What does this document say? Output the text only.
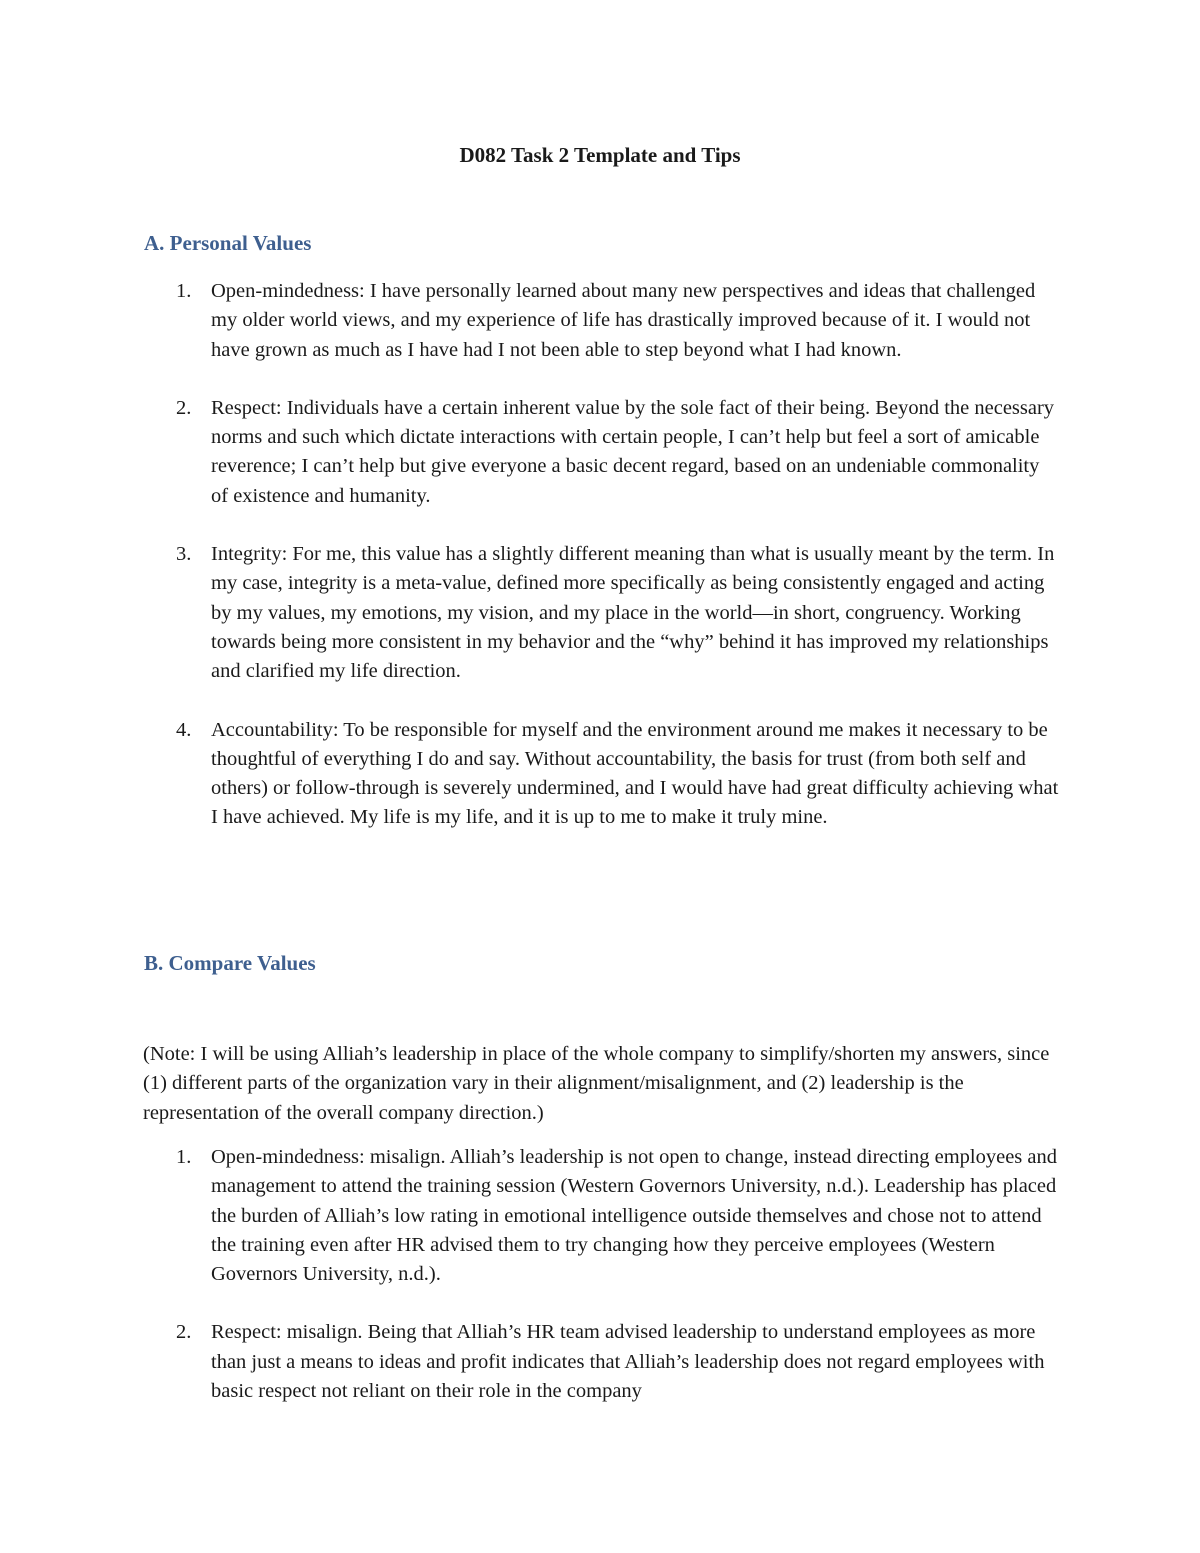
D082 Task 2 Template and Tips
A. Personal Values
1. Open-mindedness: I have personally learned about many new perspectives and ideas that challenged my older world views, and my experience of life has drastically improved because of it. I would not have grown as much as I have had I not been able to step beyond what I had known.
2. Respect: Individuals have a certain inherent value by the sole fact of their being. Beyond the necessary norms and such which dictate interactions with certain people, I can’t help but feel a sort of amicable reverence; I can’t help but give everyone a basic decent regard, based on an undeniable commonality of existence and humanity.
3. Integrity: For me, this value has a slightly different meaning than what is usually meant by the term. In my case, integrity is a meta-value, defined more specifically as being consistently engaged and acting by my values, my emotions, my vision, and my place in the world—in short, congruency. Working towards being more consistent in my behavior and the “why” behind it has improved my relationships and clarified my life direction.
4. Accountability: To be responsible for myself and the environment around me makes it necessary to be thoughtful of everything I do and say. Without accountability, the basis for trust (from both self and others) or follow-through is severely undermined, and I would have had great difficulty achieving what I have achieved. My life is my life, and it is up to me to make it truly mine.
B. Compare Values

(Note: I will be using Alliah’s leadership in place of the whole company to simplify/shorten my answers, since (1) different parts of the organization vary in their alignment/misalignment, and (2) leadership is the representation of the overall company direction.)

1. Open-mindedness: misalign. Alliah’s leadership is not open to change, instead directing employees and management to attend the training session (Western Governors University, n.d.). Leadership has placed the burden of Alliah’s low rating in emotional intelligence outside themselves and chose not to attend the training even after HR advised them to try changing how they perceive employees (Western Governors University, n.d.).
2. Respect: misalign. Being that Alliah’s HR team advised leadership to understand employees as more than just a means to ideas and profit indicates that Alliah’s leadership does not regard employees with basic respect not reliant on their role in the company
